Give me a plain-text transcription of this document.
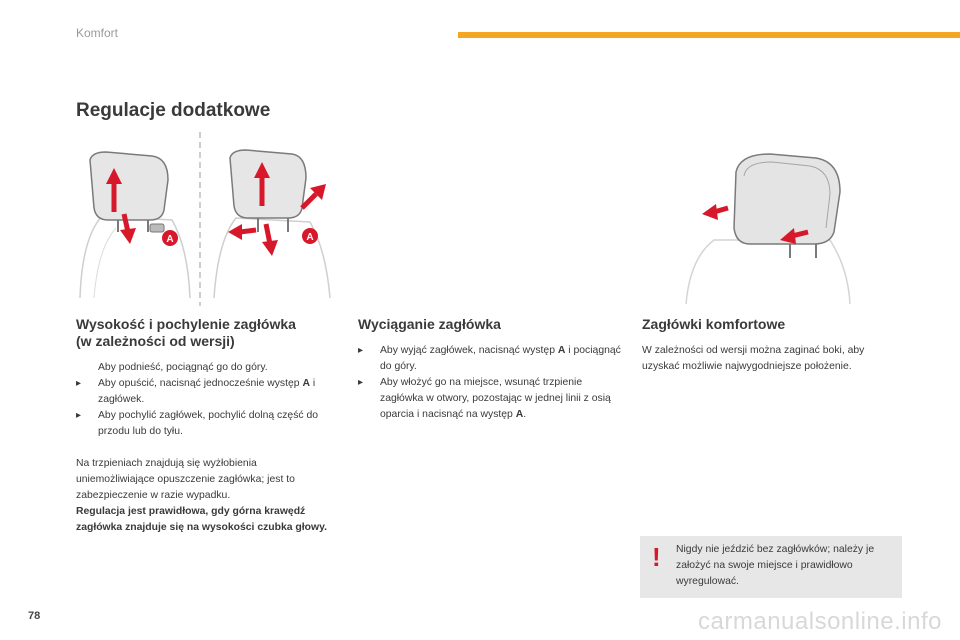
Komfort
Regulacje dodatkowe
A	A
Wysokość i pochylenie zagłówka
(w zależności od wersji)
Aby podnieść, pociągnąć go do góry.
▸ Aby opuścić, nacisnąć jednocześnie występ A i zagłówek.
▸ Aby pochylić zagłówek, pochylić dolną część do przodu lub do tyłu.

Na trzpieniach znajdują się wyżłobienia uniemożliwiające opuszczenie zagłówka; jest to zabezpieczenie w razie wypadku.
Regulacja jest prawidłowa, gdy górna krawędź zagłówka znajduje się na wysokości czubka głowy.

Wyciąganie zagłówka
▸ Aby wyjąć zagłówek, nacisnąć występ A i pociągnąć do góry.
▸ Aby włożyć go na miejsce, wsunąć trzpienie zagłówka w otwory, pozostając w jednej linii z osią oparcia i nacisnąć na występ A.
Zagłówki komfortowe

W zależności od wersji można zaginać boki, aby uzyskać możliwie najwygodniejsze położenie.

! Nigdy nie jeździć bez zagłówków; należy je założyć na swoje miejsce i prawidłowo wyregulować.

78	carmanualsonline.info
